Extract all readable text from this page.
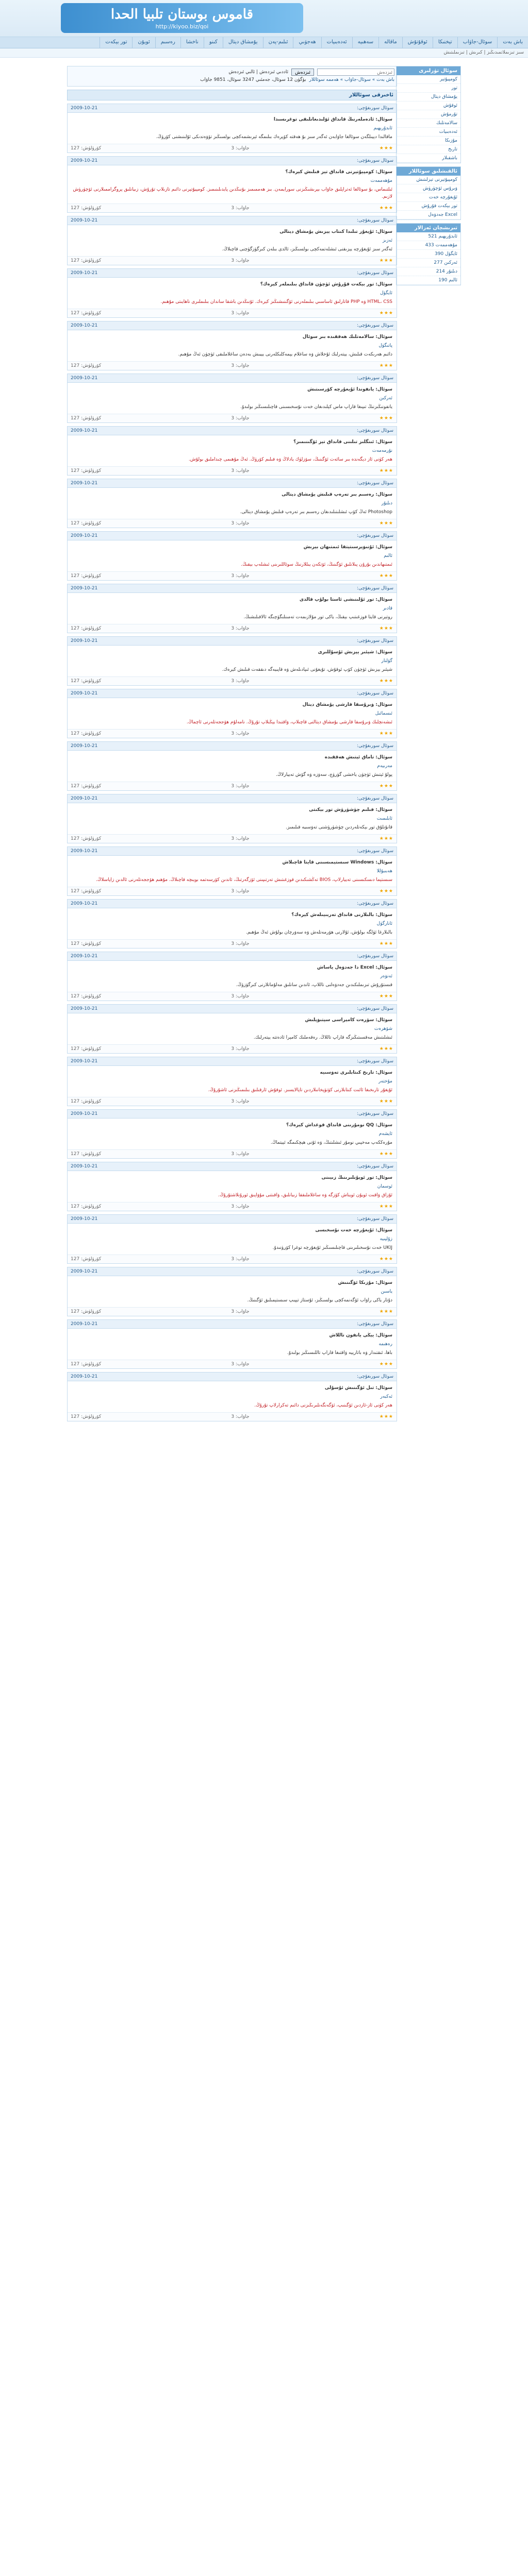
قاموس بوستان تلبیا الحدا
http://kiyoo.biz/qoi
باش بەت
سوئال-جاۋاب
تېخنىكا
ئوقۇتۇش
ماقالە
سەھىيە
ئەدەبىيات
ھەجۋىي
ئىلىم-پەن
يۇمشاق دېتال
كىنو
ناخشا
رەسىم
ئويۇن
تور بېكەت
سىز تىزىملاتمىدىڭىز | كىرىش | تىزىملىتىش
ئىزدەش
ئىزدەش
ئاددىي ئىزدەش | ئالىي ئىزدەش
باش بەت » سوئال-جاۋاب » ھەممە سوئاللار
بۈگۈن 12 سوئال، جەمئىي 3247 سوئال، 9851 جاۋاب
ئاخىرقى سوئاللار
سوئال سورىغۇچى:
2009-10-21
سوئال: ئادەملەرنىڭ قانداق ئۆلىدىغانلىقى توغرىسىدا
ئابدۇرېھىم
ماقالىدا دېيىلگەن سوئالغا جاۋابەن ئەگەر سىز بۇ ھەقتە كۆپرەك بىلىمگە ئېرىشمەكچى بولسىڭىز تۆۋەندىكى ئۇلىنىشنى كۆرۈڭ.
★★★
جاۋاب: 3
كۆرۈلۈش: 127
سوئال سورىغۇچى:
2009-10-21
سوئال: كومپيۇتېرنى قانداق تېز قىلىش كېرەك؟
مۇھەممەت
ئىلتىماس، بۇ سوئالغا ئەتراپلىق جاۋاب بېرىشىڭىزنى سورايمەن. بىز ھەممىمىز بۇنىڭدىن پايدىلىنىمىز. كومپيۇتېرنى دائىم تازىلاپ تۇرۇش، زىيانلىق پروگراممىلارنى ئۆچۈرۈش لازىم.
★★★
جاۋاب: 3
كۆرۈلۈش: 127
سوئال سورىغۇچى:
2009-10-21
سوئال: ئۇيغۇر تىلىدا كىتاب يېزىش يۇمشاق دېتالى
ئەزىز
ئەگەر سىز ئۇيغۇرچە يېزىقنى ئىشلەتمەكچى بولسىڭىز، ئالدى بىلەن كىرگۈزگۈچنى قاچىلاڭ.
★★★
جاۋاب: 3
كۆرۈلۈش: 127
سوئال سورىغۇچى:
2009-10-21
سوئال: تور بېكەت قۇرۇش ئۈچۈن قانداق بىلىملەر كېرەك؟
ئايگۈل
HTML، CSS ۋە PHP قاتارلىق ئاساسىي بىلىملەرنى ئۆگىنىشىڭىز كېرەك. ئۇنىڭدىن باشقا ساندان بىلىملىرى ناھايىتى مۇھىم.
★★★
جاۋاب: 3
كۆرۈلۈش: 127
سوئال سورىغۇچى:
2009-10-21
سوئال: سالامەتلىك ھەققىدە بىر سوئال
پاتىگۈل
دائىم ھەرىكەت قىلىش، يېتەرلىك ئۇخلاش ۋە ساغلام يېمەكلىكلەرنى يېيىش بەدەن ساغلاملىقى ئۈچۈن ئەڭ مۇھىم.
★★★
جاۋاب: 3
كۆرۈلۈش: 127
سوئال سورىغۇچى:
2009-10-21
سوئال: يانفوندا ئۇيغۇرچە كۆرسىتىش
ئەركىن
يانفونىڭىزنىڭ تىپىغا قاراپ ماس كېلىدىغان خەت نۇسخىسىنى قاچىلىسىڭىز بولىدۇ.
★★★
جاۋاب: 3
كۆرۈلۈش: 127
سوئال سورىغۇچى:
2009-10-21
سوئال: ئىنگلىز تىلىنى قانداق تېز ئۆگىنىمىز؟
نۇرمەمەت
ھەر كۈنى ئاز دېگەندە بىر سائەت ئۆگىنىڭ، سۆزلۈك يادلاڭ ۋە فىلىم كۆرۈڭ. ئەڭ مۇھىمى چىداملىق بولۇش.
★★★
جاۋاب: 3
كۆرۈلۈش: 127
سوئال سورىغۇچى:
2009-10-21
سوئال: رەسىم بىر تەرەپ قىلىش يۇمشاق دېتالى
دىلنۇر
Photoshop ئەڭ كۆپ ئىشلىتىلىدىغان رەسىم بىر تەرەپ قىلىش يۇمشاق دېتالى.
★★★
جاۋاب: 3
كۆرۈلۈش: 127
سوئال سورىغۇچى:
2009-10-21
سوئال: ئۇنىۋېرسىتېتقا ئىمتىھان بېرىش
ئالىم
ئىمتىھاندىن بۇرۇن پىلانلىق ئۆگىنىڭ، ئۆتكەن يىللارنىڭ سوئاللىرىنى ئىشلەپ بېقىڭ.
★★★
جاۋاب: 3
كۆرۈلۈش: 127
سوئال سورىغۇچى:
2009-10-21
سوئال: تور ئۇلىنىشى ئاستا بولۇپ قالدى
قادىر
روتېرنى قايتا قوزغىتىپ بېقىڭ، ياكى تور مۇلازىمەت تەمىنلىگۈچىگە ئالاقىلىشىڭ.
★★★
جاۋاب: 3
كۆرۈلۈش: 127
سوئال سورىغۇچى:
2009-10-21
سوئال: شېئىر يېزىش ئۇسۇللىرى
گۈلنار
شېئىر يېزىش ئۈچۈن كۆپ ئوقۇش، تۇيغۇنى ئىپادىلەش ۋە قاپىيەگە دىققەت قىلىش كېرەك.
★★★
جاۋاب: 3
كۆرۈلۈش: 127
سوئال سورىغۇچى:
2009-10-21
سوئال: ۋىرۇسقا قارشى يۇمشاق دېتال
ئىسمائىل
ئىشەنچلىك ۋىرۇسقا قارشى يۇمشاق دېتالنى قاچىلاپ، ۋاقتىدا يېڭىلاپ تۇرۇڭ. نامەلۇم ھۆججەتلەرنى ئاچماڭ.
★★★
جاۋاب: 3
كۆرۈلۈش: 127
سوئال سورىغۇچى:
2009-10-21
سوئال: تاماق ئېتىش ھەققىدە
مەرىيەم
پولۇ ئېتىش ئۈچۈن ياخشى گۈرۈچ، سەۋزە ۋە گۆش تەييارلاڭ.
★★★
جاۋاب: 3
كۆرۈلۈش: 127
سوئال سورىغۇچى:
2009-10-21
سوئال: فىلىم چۈشۈرۈش تور بېكىتى
ئابلىمىت
قانۇنلۇق تور بېكەتلەردىن چۈشۈرۈشنى تەۋسىيە قىلىمىز.
★★★
جاۋاب: 3
كۆرۈلۈش: 127
سوئال سورىغۇچى:
2009-10-21
سوئال: Windows سىستېمىسىنى قايتا قاچىلاش
ھەبىبۇللا
سىستېما دىسكىسىنى تەييارلاپ، BIOS تەڭشىكىدىن قوزغىتىش تەرتىپىنى ئۆزگەرتىڭ، ئاندىن كۆرسەتمە بويىچە قاچىلاڭ. مۇھىم ھۆججەتلەرنى ئالدىن زاپاسلاڭ.
★★★
جاۋاب: 3
كۆرۈلۈش: 127
سوئال سورىغۇچى:
2009-10-21
سوئال: بالىلارنى قانداق تەربىيىلەش كېرەك؟
ئانارگۈل
بالىلارغا ئۈلگە بولۇش، ئۇلارنى ھۆرمەتلەش ۋە سەۋرچان بولۇش ئەڭ مۇھىم.
★★★
جاۋاب: 3
كۆرۈلۈش: 127
سوئال سورىغۇچى:
2009-10-21
سوئال: Excel دا جەدۋەل ياساش
ئەنۋەر
قىستۇرۇش تىزىملىكىدىن جەدۋەلنى تاللاپ، ئاندىن سانلىق مەلۇماتلارنى كىرگۈزۈڭ.
★★★
جاۋاب: 3
كۆرۈلۈش: 127
سوئال سورىغۇچى:
2009-10-21
سوئال: سۈرەت كامېراسى سېتىۋېلىش
شۆھرەت
ئىشلىتىش مەقسىتىڭىزگە قاراپ تاللاڭ. رەقەملىك كامېرا ئادەتتە يېتەرلىك.
★★★
جاۋاب: 3
كۆرۈلۈش: 127
سوئال سورىغۇچى:
2009-10-21
سوئال: تارىخ كىتابلىرى تەۋسىيە
مۇختەر
ئۇيغۇر تارىخىغا ئائىت كىتابلارنى كۈتۈپخانىلاردىن تاپالايسىز. ئوقۇش ئارقىلىق بىلىمىڭىزنى ئاشۇرۇڭ.
★★★
جاۋاب: 3
كۆرۈلۈش: 127
سوئال سورىغۇچى:
2009-10-21
سوئال: QQ نومۇرىنى قانداق قوغداش كېرەك؟
ئايشەم
مۇرەككەپ مەخپىي نومۇر ئىشلىتىڭ، ۋە ئۇنى ھېچكىمگە ئېيتماڭ.
★★★
جاۋاب: 3
كۆرۈلۈش: 127
سوئال سورىغۇچى:
2009-10-21
سوئال: تور ئويۇنلىرىنىڭ زىيىنى
ئوسمان
ئۇزاق ۋاقىت ئويۇن ئويناش كۆزگە ۋە ساغلاملىققا زىيانلىق، ۋاقىتنى مۇۋاپىق ئورۇنلاشتۇرۇڭ.
★★★
جاۋاب: 3
كۆرۈلۈش: 127
سوئال سورىغۇچى:
2009-10-21
سوئال: ئۇيغۇرچە خەت نۇسخىسى
زۇلپىيە
UKIJ خەت نۇسخىلىرىنى قاچىلىسىڭىز ئۇيغۇرچە توغرا كۆرۈنىدۇ.
★★★
جاۋاب: 3
كۆرۈلۈش: 127
سوئال سورىغۇچى:
2009-10-21
سوئال: مۇزىكا ئۆگىنىش
ياسىن
دۇتار ياكى راۋاب ئۆگەنمەكچى بولسىڭىز، ئۇستاز تېپىپ سىستېمىلىق ئۆگىنىڭ.
★★★
جاۋاب: 3
كۆرۈلۈش: 127
سوئال سورىغۇچى:
2009-10-21
سوئال: يېڭى يانفون تاللاش
رەھىمە
باھا، ئىقتىدار ۋە باتارېيە ۋاقتىغا قاراپ تاللىسىڭىز بولىدۇ.
★★★
جاۋاب: 3
كۆرۈلۈش: 127
سوئال سورىغۇچى:
2009-10-21
سوئال: تىل ئۆگىنىش ئۇسۇلى
ئەكبەر
ھەر كۈنى ئاز-ئازدىن ئۆگىنىپ، ئۆگەنگەنلىرىڭىزنى دائىم تەكرارلاپ تۇرۇڭ.
★★★
جاۋاب: 3
كۆرۈلۈش: 127
سوئال تۈرلىرى
كومپيۇتېر
تور
يۇمشاق دېتال
ئوقۇش
تۇرمۇش
سالامەتلىك
ئەدەبىيات
مۇزىكا
تارىخ
باشقىلار
ئالقىشلىق سوئاللار
كومپيۇتېرنى تېزلىتىش
ۋىرۇس ئۆچۈرۈش
ئۇيغۇرچە خەت
تور بېكەت قۇرۇش
Excel جەدۋەل
تىرىشچان ئەزالار
ئابدۇرېھىم 521
مۇھەممەت 433
ئايگۈل 390
ئەركىن 277
دىلنۇر 214
ئالىم 190
